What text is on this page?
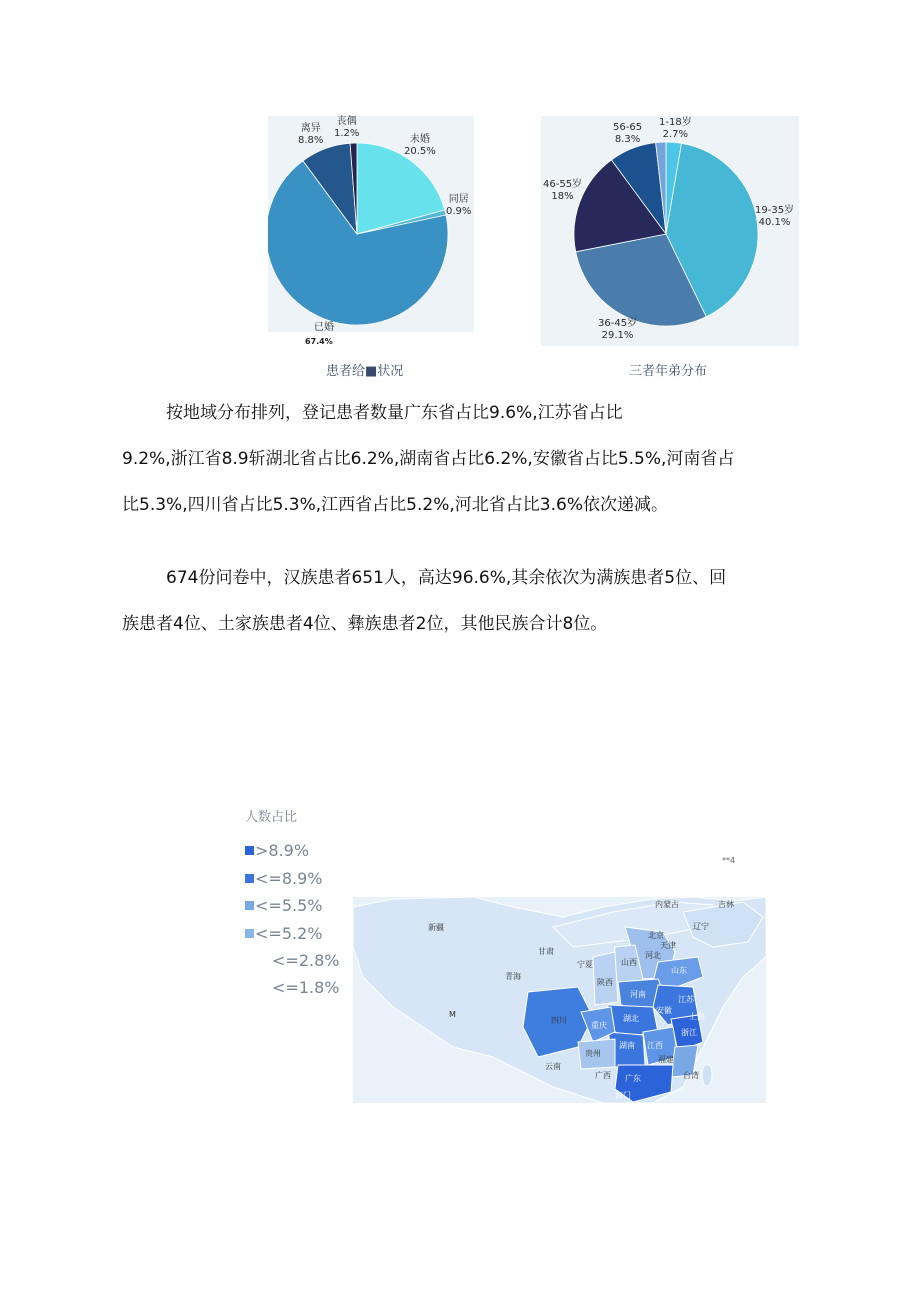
未婚
20.5%
同居
0.9%
已婚
离异
8.8%
丧偶
1.2%
67.4%
患者给■状况
1-18岁
2.7%
19-35岁
40.1%
36-45岁
29.1%
46-55岁
18%
56-65
8.3%
三者年弟分布

按地域分布排列，登记患者数量广东省占比9.6%,江苏省占比

9.2%,浙江省8.9斩湖北省占比6.2%,湖南省占比6.2%,安徽省占比5.5%,河南省占

比5.3%,四川省占比5.3%,江西省占比5.2%,河北省占比3.6%依次递减。

674份问卷中，汉族患者651人，高达96.6%,其余依次为满族患者5位、回

族患者4位、土家族患者4位、彝族患者2位，其他民族合计8位。

人数占比
>8.9%
<=8.9%
<=5.5%
<=5.2%
<=2.8%
<=1.8%
**4
内蒙古	吉林
辽宁
北京
天津
新疆
甘肃
宁夏	山西
河北
山东
青海
陕西
河南
江苏
安徽
上海
M
四川
重庆
湖北
浙江
贵州
湖南 江西
云南
福建
广西 广东	台湾
海门
